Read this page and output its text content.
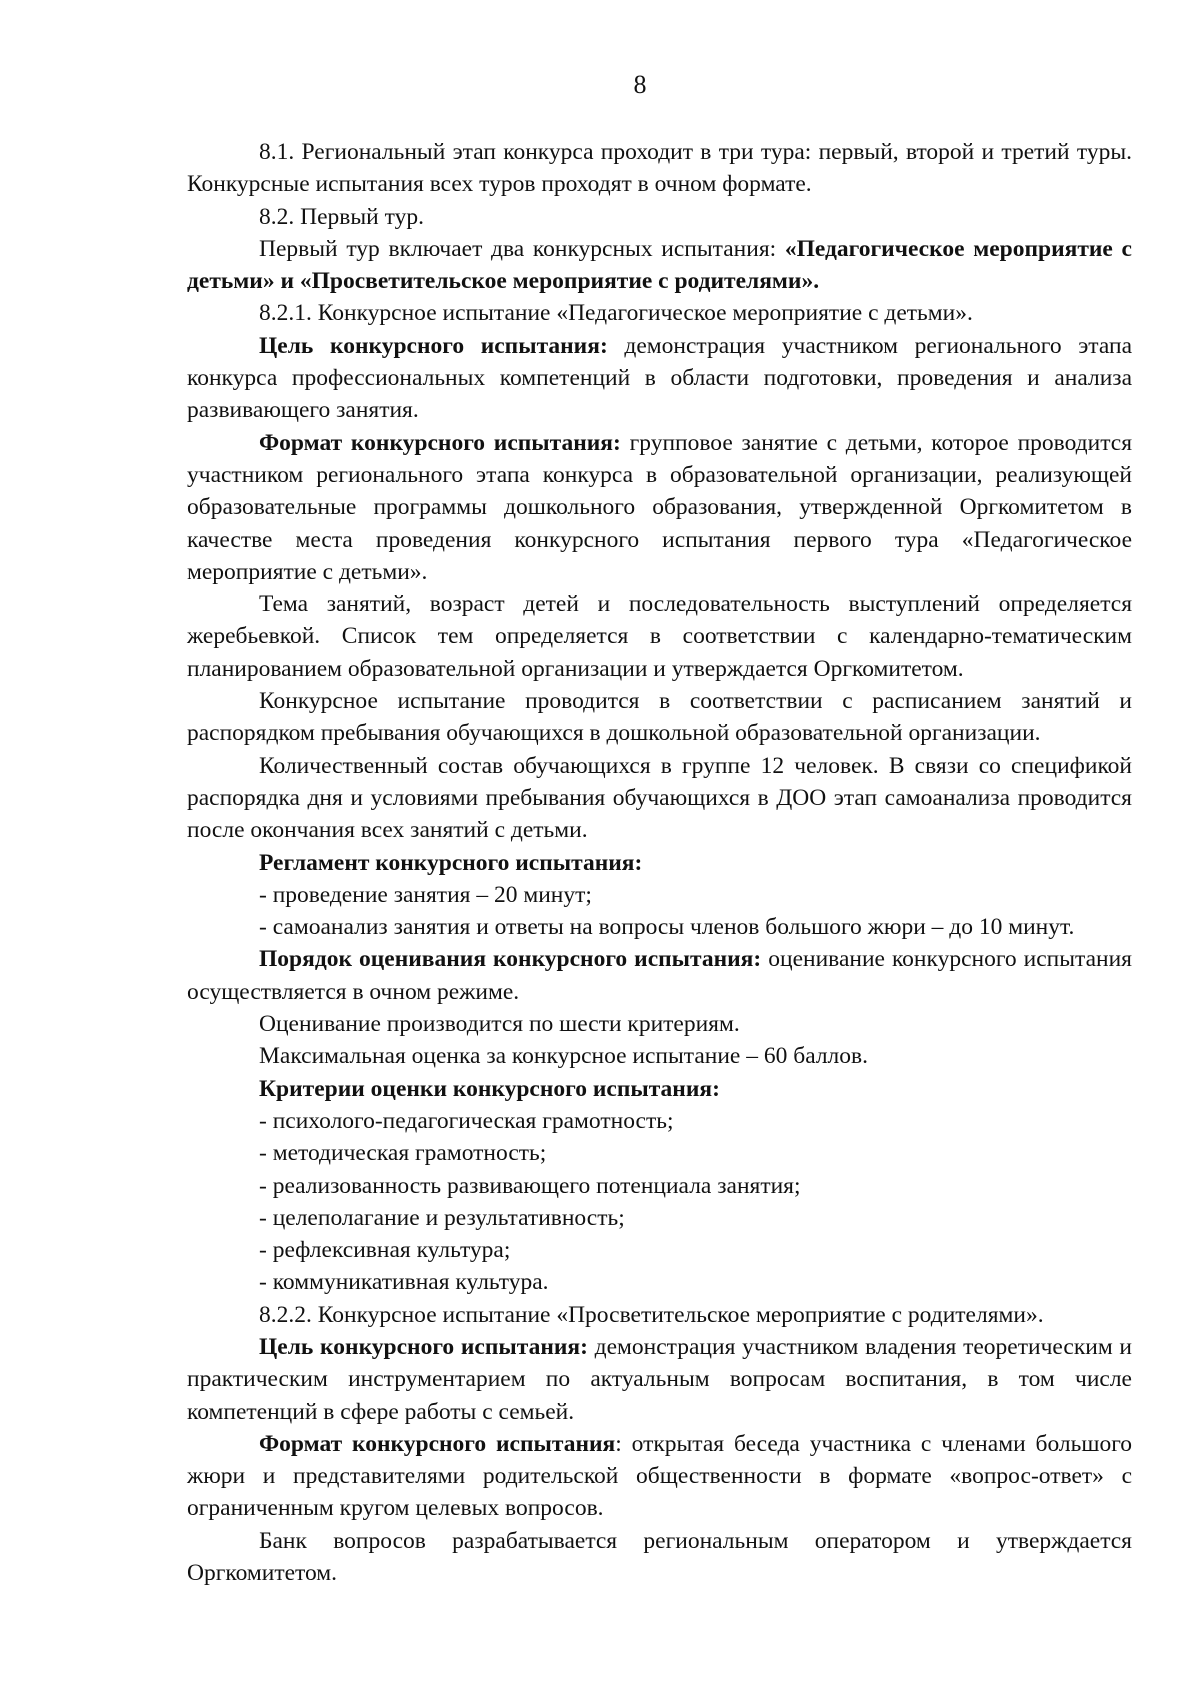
8

8.1. Региональный этап конкурса проходит в три тура: первый, второй и третий туры. Конкурсные испытания всех туров проходят в очном формате.

8.2. Первый тур.

Первый тур включает два конкурсных испытания: «Педагогическое мероприятие с детьми» и «Просветительское мероприятие с родителями».

8.2.1. Конкурсное испытание «Педагогическое мероприятие с детьми».

Цель конкурсного испытания: демонстрация участником регионального этапа конкурса профессиональных компетенций в области подготовки, проведения и анализа развивающего занятия.

Формат конкурсного испытания: групповое занятие с детьми, которое проводится участником регионального этапа конкурса в образовательной организации, реализующей образовательные программы дошкольного образования, утвержденной Оргкомитетом в качестве места проведения конкурсного испытания первого тура «Педагогическое мероприятие с детьми».

Тема занятий, возраст детей и последовательность выступлений определяется жеребьевкой. Список тем определяется в соответствии с календарно-тематическим планированием образовательной организации и утверждается Оргкомитетом.

Конкурсное испытание проводится в соответствии с расписанием занятий и распорядком пребывания обучающихся в дошкольной образовательной организации.

Количественный состав обучающихся в группе 12 человек. В связи со спецификой распорядка дня и условиями пребывания обучающихся в ДОО этап самоанализа проводится после окончания всех занятий с детьми.

Регламент конкурсного испытания:

- проведение занятия – 20 минут;

- самоанализ занятия и ответы на вопросы членов большого жюри – до 10 минут.

Порядок оценивания конкурсного испытания: оценивание конкурсного испытания осуществляется в очном режиме.

Оценивание производится по шести критериям.

Максимальная оценка за конкурсное испытание – 60 баллов.

Критерии оценки конкурсного испытания:

- психолого-педагогическая грамотность;

- методическая грамотность;

- реализованность развивающего потенциала занятия;

- целеполагание и результативность;

- рефлексивная культура;

- коммуникативная культура.

8.2.2. Конкурсное испытание «Просветительское мероприятие с родителями».

Цель конкурсного испытания: демонстрация участником владения теоретическим и практическим инструментарием по актуальным вопросам воспитания, в том числе компетенций в сфере работы с семьей.

Формат конкурсного испытания: открытая беседа участника с членами большого жюри и представителями родительской общественности в формате «вопрос-ответ» с ограниченным кругом целевых вопросов.

Банк вопросов разрабатывается региональным оператором и утверждается Оргкомитетом.
